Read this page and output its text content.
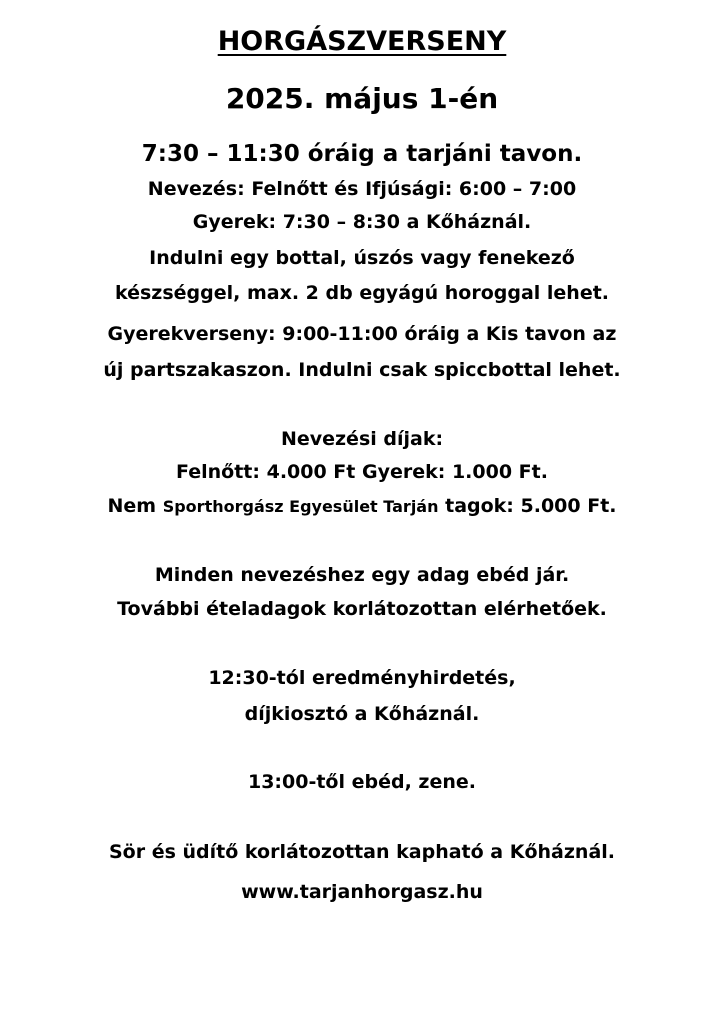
HORGÁSZVERSENY
2025. május 1-én
7:30 – 11:30 óráig a tarjáni tavon.
Nevezés: Felnőtt és Ifjúsági: 6:00 – 7:00
Gyerek: 7:30 – 8:30 a Kőháznál.
Indulni egy bottal, úszós vagy fenekező
készséggel, max. 2 db egyágú horoggal lehet.
Gyerekverseny: 9:00-11:00 óráig a Kis tavon az
új partszakaszon. Indulni csak spiccbottal lehet.
Nevezési díjak:
Felnőtt: 4.000 Ft Gyerek: 1.000 Ft.
Nem Sporthorgász Egyesület Tarján tagok: 5.000 Ft.
Minden nevezéshez egy adag ebéd jár.
További ételadagok korlátozottan elérhetőek.
12:30-tól eredményhirdetés,
díjkiosztó a Kőháznál.
13:00-től ebéd, zene.
Sör és üdítő korlátozottan kapható a Kőháznál.
www.tarjanhorgasz.hu
